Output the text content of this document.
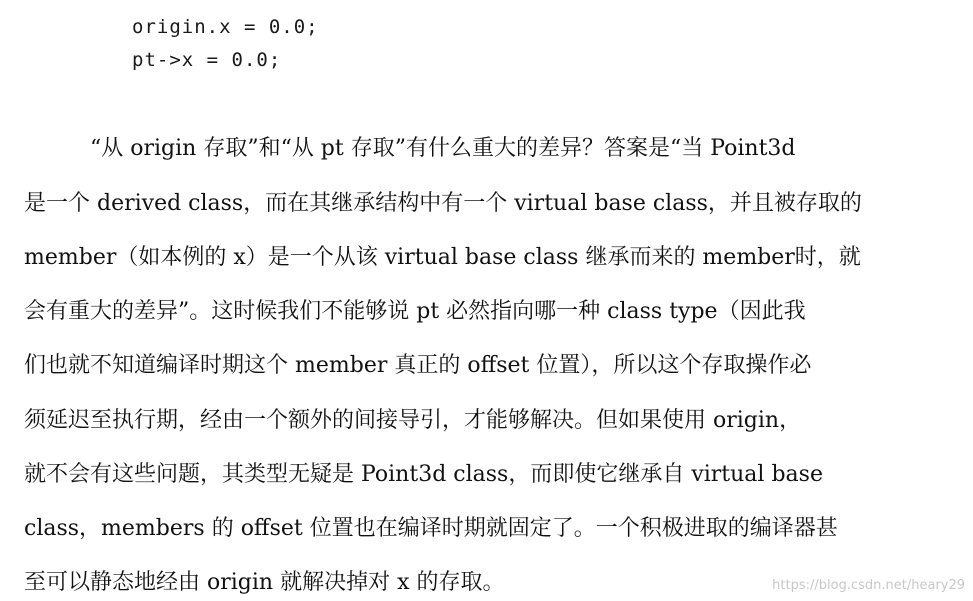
origin.x = 0.0;
pt->x = 0.0;
“从 origin 存取”和“从 pt 存取”有什么重大的差异？答案是“当 Point3d
是一个 derived class，而在其继承结构中有一个 virtual base class，并且被存取的
member（如本例的 x）是一个从该 virtual base class 继承而来的 member时，就
会有重大的差异”。这时候我们不能够说 pt 必然指向哪一种 class type（因此我
们也就不知道编译时期这个 member 真正的 offset 位置），所以这个存取操作必
须延迟至执行期，经由一个额外的间接导引，才能够解决。但如果使用 origin，
就不会有这些问题，其类型无疑是 Point3d class，而即使它继承自 virtual base
class，members 的 offset 位置也在编译时期就固定了。一个积极进取的编译器甚
至可以静态地经由 origin 就解决掉对 x 的存取。	https://blog.csdn.net/heary29
